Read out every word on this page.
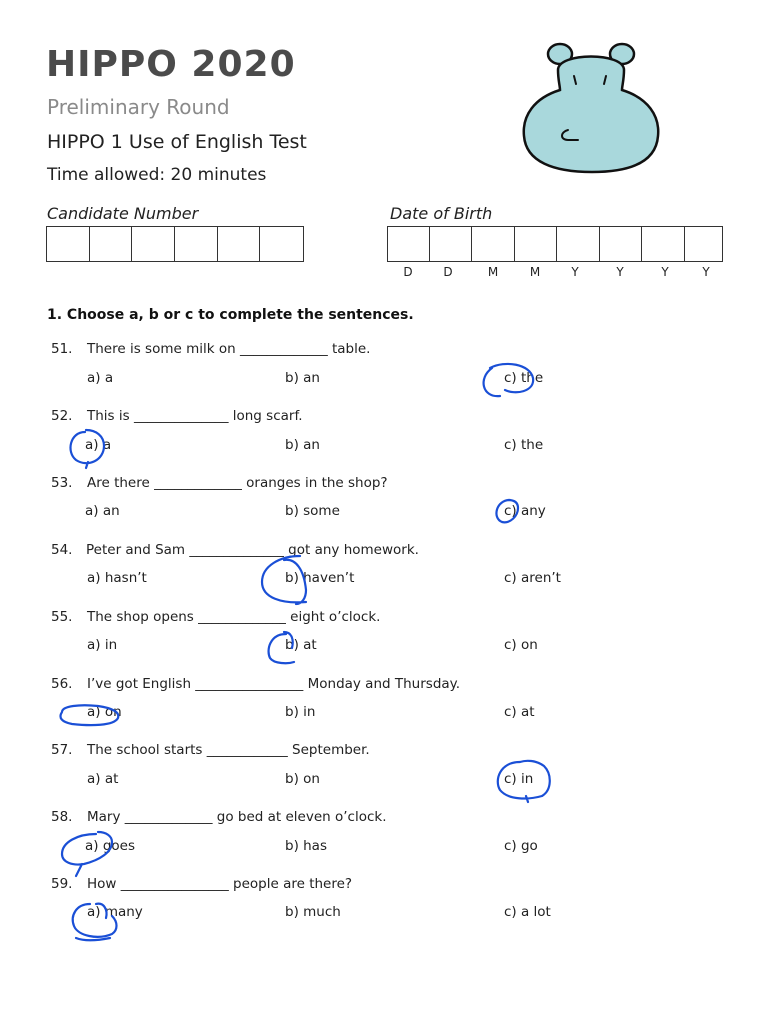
HIPPO 2020
Preliminary Round
HIPPO 1 Use of English Test
Time allowed: 20 minutes
Candidate Number	Date of Birth
D	D	M	M	Y	Y	Y	Y
1. Choose a, b or c to complete the sentences.
51. There is some milk on _____________ table.
a) a	b) an	c) the
52. This is ______________ long scarf.
a) a	b) an	c) the
53. Are there _____________ oranges in the shop?
a) an	b) some	c) any
54. Peter and Sam ______________ got any homework.
a) hasn’t	b) haven’t	c) aren’t
55. The shop opens _____________ eight o’clock.
a) in	b) at	c) on
56. I’ve got English ________________ Monday and Thursday.
a) on	b) in	c) at
57. The school starts ____________ September.
a) at	b) on	c) in
58. Mary _____________ go bed at eleven o’clock.
a) goes	b) has	c) go
59. How ________________ people are there?
a) many	b) much	c) a lot
